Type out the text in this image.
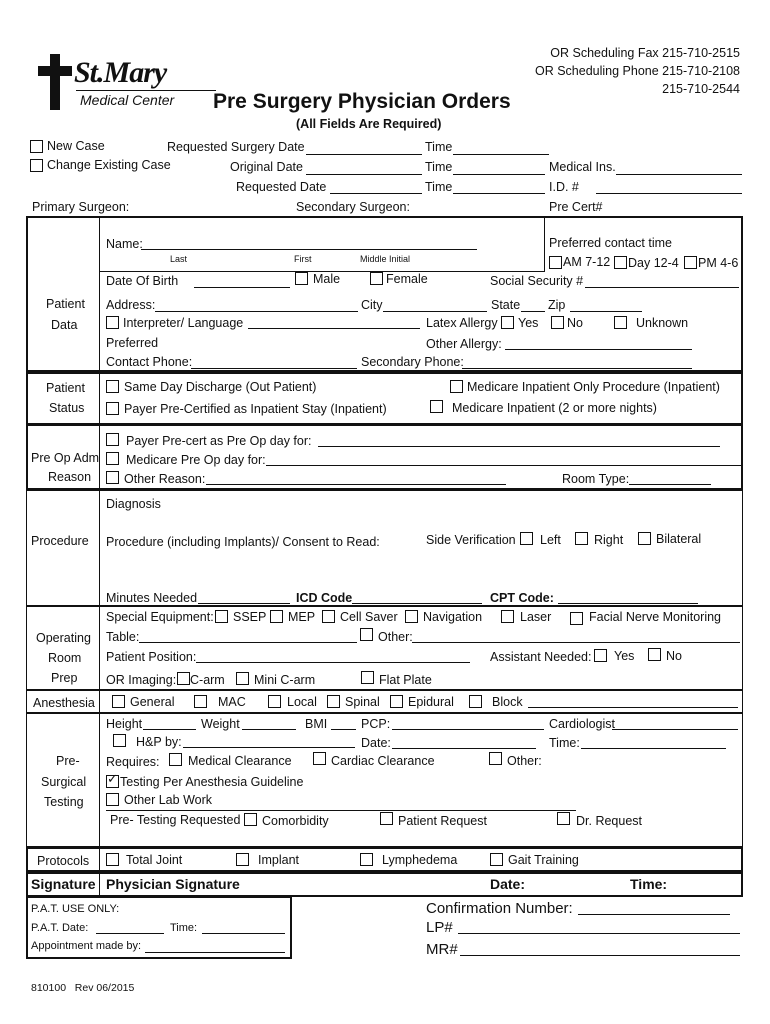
St.Mary
Medical Center Pre Surgery Physician Orders
(All Fields Are Required)
OR Scheduling Fax 215-710-2515
OR Scheduling Phone 215-710-2108
215-710-2544
New Case
Change Existing Case
Requested Surgery Date	Time
Original Date	Time	Medical Ins.
Requested Date	Time	I.D. #
Primary Surgeon:	Secondary Surgeon:	Pre Cert#
Patient
Data
Name:
Last	First	Middle Initial
Preferred contact time
AM 7-12 Day 12-4 PM 4-6
Date Of Birth	Male	Female	Social Security #
Address:	City	State Zip
Interpreter/ Language	Latex Allergy Yes No	Unknown
Preferred	Other Allergy:
Contact Phone:	Secondary Phone:
Patient
Status
Same Day Discharge (Out Patient)	Medicare Inpatient Only Procedure (Inpatient)
Payer Pre-Certified as Inpatient Stay (Inpatient)	Medicare Inpatient (2 or more nights)
Pre Op Adm
Reason
Payer Pre-cert as Pre Op day for:
Medicare Pre Op day for:
Other Reason:	Room Type:
Procedure
Diagnosis
Procedure (including Implants)/ Consent to Read:	Side Verification Left	Right	Bilateral
Minutes Needed	ICD Code	CPT Code:
Operating
Room
Prep
Special Equipment: SSEP MEP Cell Saver Navigation	Laser	Facial Nerve Monitoring
Table:	Other:
Patient Position:	Assistant Needed: Yes	No
OR Imaging: C-arm Mini C-arm	Flat Plate
Anesthesia	General	MAC	Local Spinal Epidural	Block
Pre-
Surgical
Testing
Height	Weight	BMI	PCP:	Cardiologist
H&P by:	Date:	Time:
Requires: Medical Clearance	Cardiac Clearance	Other:
✓
Testing Per Anesthesia Guideline
Other Lab Work
Pre- Testing Requested Comorbidity	Patient Request	Dr. Request
Protocols	Total Joint	Implant	Lymphedema	Gait Training
Signature Physician Signature	Date:	Time:
P.A.T. USE ONLY:
P.A.T. Date:	Time:
Appointment made by:
Confirmation Number:
LP#
MR#
810100   Rev 06/2015
